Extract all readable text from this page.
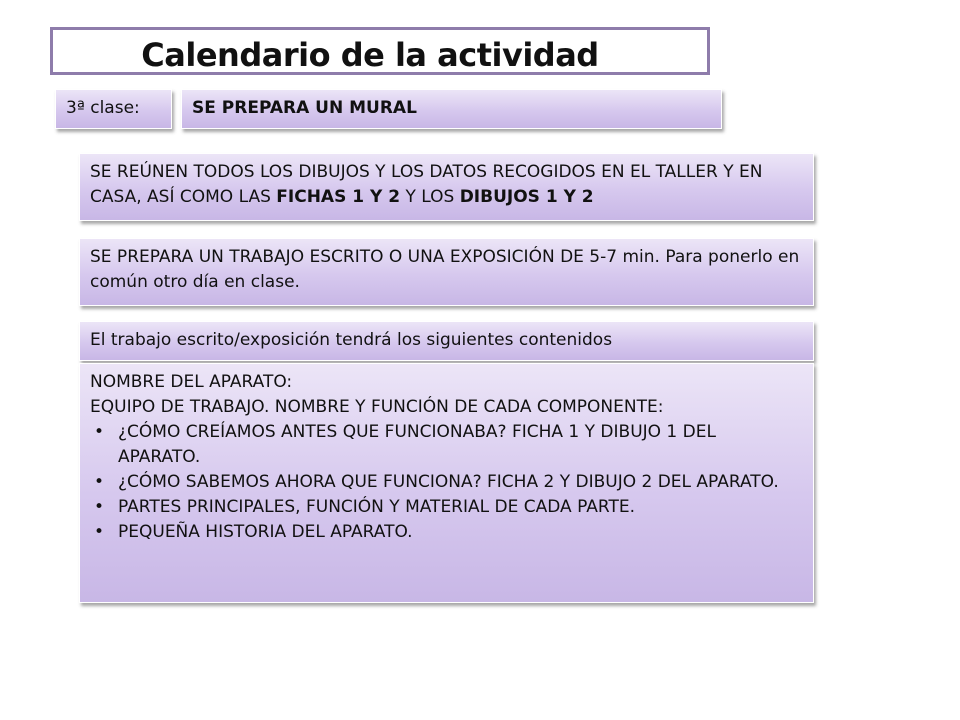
Calendario de la actividad
3ª clase:	SE PREPARA UN MURAL
SE REÚNEN TODOS LOS DIBUJOS Y LOS DATOS RECOGIDOS EN EL TALLER Y EN CASA, ASÍ COMO LAS FICHAS 1 Y 2 Y LOS DIBUJOS 1 Y 2
SE PREPARA UN TRABAJO ESCRITO O UNA EXPOSICIÓN DE 5-7 min. Para ponerlo en común otro día en clase.
El trabajo escrito/exposición tendrá los siguientes contenidos
NOMBRE DEL APARATO:
EQUIPO DE TRABAJO. NOMBRE Y FUNCIÓN DE CADA COMPONENTE:
• ¿CÓMO CREÍAMOS ANTES QUE FUNCIONABA? FICHA 1 Y DIBUJO 1 DEL APARATO.
• ¿CÓMO SABEMOS AHORA QUE FUNCIONA? FICHA 2 Y DIBUJO 2 DEL APARATO.
• PARTES PRINCIPALES, FUNCIÓN Y MATERIAL DE CADA PARTE.
• PEQUEÑA HISTORIA DEL APARATO.
